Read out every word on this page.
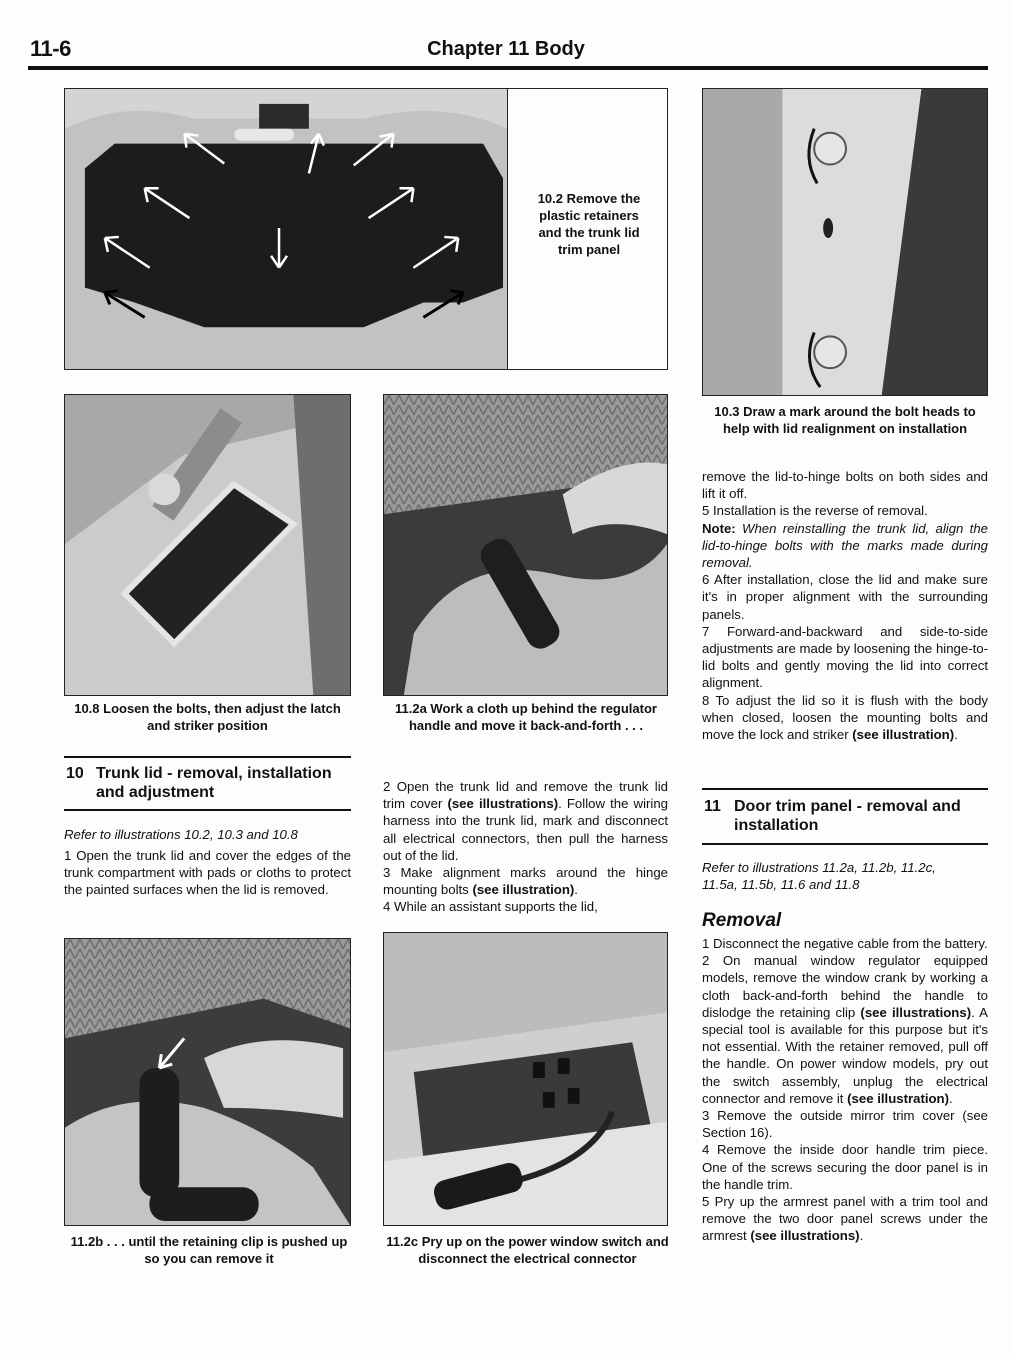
11-6	Chapter 11 Body
10.2 Remove the plastic retainers and the trunk lid trim panel
10.3 Draw a mark around the bolt heads to help with lid realignment on installation
10.8 Loosen the bolts, then adjust the latch and striker position
11.2a Work a cloth up behind the regulator handle and move it back-and-forth . . .
10 Trunk lid - removal, installation and adjustment
Refer to illustrations 10.2, 10.3 and 10.8
1 Open the trunk lid and cover the edges of the trunk compartment with pads or cloths to protect the painted surfaces when the lid is removed.

2 Open the trunk lid and remove the trunk lid trim cover (see illustrations). Follow the wiring harness into the trunk lid, mark and disconnect all electrical connectors, then pull the harness out of the lid.

3 Make alignment marks around the hinge mounting bolts (see illustration).

4 While an assistant supports the lid,

remove the lid-to-hinge bolts on both sides and lift it off.

5 Installation is the reverse of removal.

Note: When reinstalling the trunk lid, align the lid-to-hinge bolts with the marks made during removal.

6 After installation, close the lid and make sure it's in proper alignment with the surrounding panels.

7 Forward-and-backward and side-to-side adjustments are made by loosening the hinge-to-lid bolts and gently moving the lid into correct alignment.

8 To adjust the lid so it is flush with the body when closed, loosen the mounting bolts and move the lock and striker (see illustration).

11 Door trim panel - removal and installation
Refer to illustrations 11.2a, 11.2b, 11.2c, 11.5a, 11.5b, 11.6 and 11.8
Removal

1 Disconnect the negative cable from the battery.

2 On manual window regulator equipped models, remove the window crank by working a cloth back-and-forth behind the handle to dislodge the retaining clip (see illustrations). A special tool is available for this purpose but it's not essential. With the retainer removed, pull off the handle. On power window models, pry out the switch assembly, unplug the electrical connector and remove it (see illustration).

3 Remove the outside mirror trim cover (see Section 16).

4 Remove the inside door handle trim piece. One of the screws securing the door panel is in the handle trim.

5 Pry up the armrest panel with a trim tool and remove the two door panel screws under the armrest (see illustrations).

11.2b . . . until the retaining clip is pushed up so you can remove it
11.2c Pry up on the power window switch and disconnect the electrical connector
